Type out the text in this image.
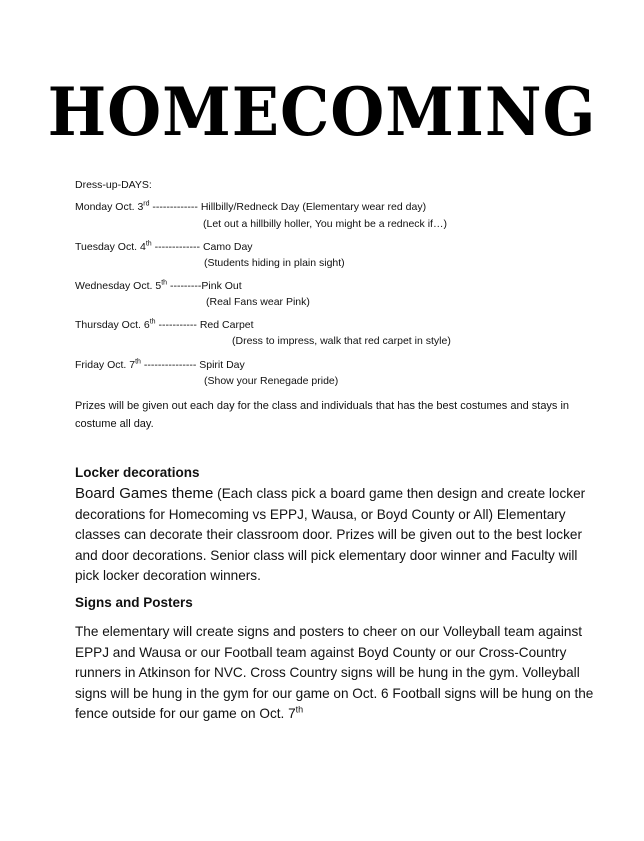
HOMECOMING
Dress-up-DAYS:
Monday Oct. 3rd ------------- Hillbilly/Redneck Day (Elementary wear red day)
(Let out a hillbilly holler, You might be a redneck if…)
Tuesday Oct. 4th ------------- Camo Day
(Students hiding in plain sight)
Wednesday Oct. 5th ---------Pink Out
(Real Fans wear Pink)
Thursday Oct. 6th ----------- Red Carpet
(Dress to impress, walk that red carpet in style)
Friday Oct. 7th --------------- Spirit Day
(Show your Renegade pride)
Prizes will be given out each day for the class and individuals that has the best costumes and stays in costume all day.
Locker decorations
Board Games theme (Each class pick a board game then design and create locker decorations for Homecoming vs EPPJ, Wausa, or Boyd County or All) Elementary classes can decorate their classroom door. Prizes will be given out to the best locker and door decorations. Senior class will pick elementary door winner and Faculty will pick locker decoration winners.
Signs and Posters
The elementary will create signs and posters to cheer on our Volleyball team against EPPJ and Wausa or our Football team against Boyd County or our Cross-Country runners in Atkinson for NVC. Cross Country signs will be hung in the gym. Volleyball signs will be hung in the gym for our game on Oct. 6 Football signs will be hung on the fence outside for our game on Oct. 7th
